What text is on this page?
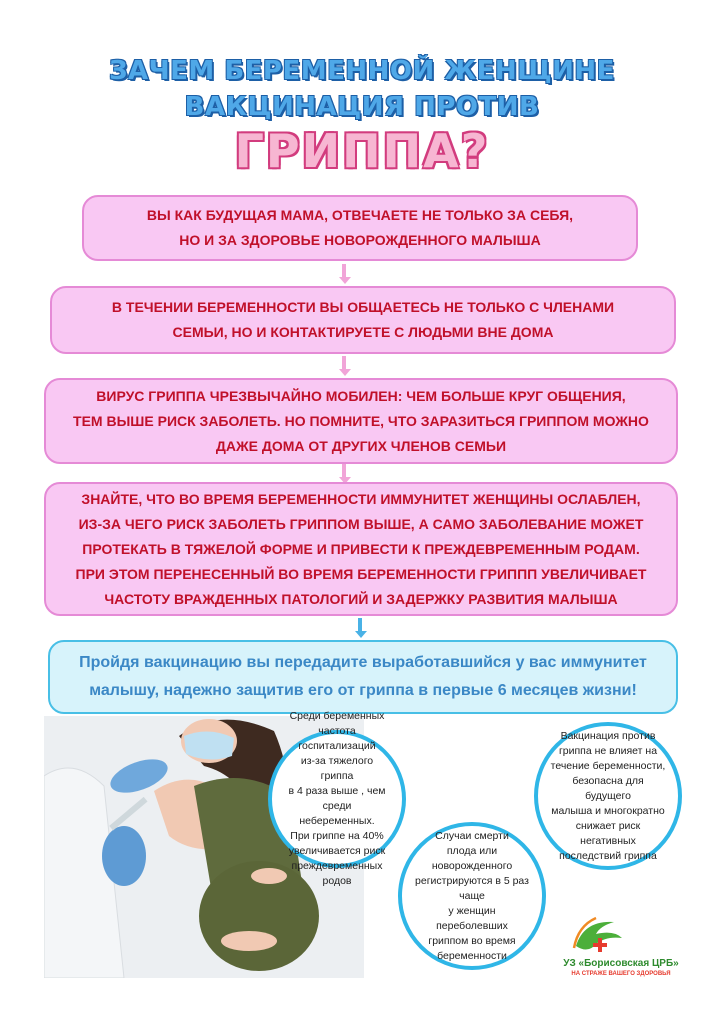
ЗАЧЕМ БЕРЕМЕННОЙ ЖЕНЩИНЕ
ВАКЦИНАЦИЯ ПРОТИВ
ГРИППА?
ВЫ КАК БУДУЩАЯ МАМА, ОТВЕЧАЕТЕ НЕ ТОЛЬКО ЗА СЕБЯ,
НО И ЗА ЗДОРОВЬЕ НОВОРОЖДЕННОГО МАЛЫША
В ТЕЧЕНИИ БЕРЕМЕННОСТИ ВЫ ОБЩАЕТЕСЬ НЕ ТОЛЬКО С ЧЛЕНАМИ
СЕМЬИ, НО И КОНТАКТИРУЕТЕ С ЛЮДЬМИ ВНЕ ДОМА
ВИРУС ГРИППА ЧРЕЗВЫЧАЙНО МОБИЛЕН: ЧЕМ БОЛЬШЕ КРУГ ОБЩЕНИЯ,
ТЕМ ВЫШЕ РИСК ЗАБОЛЕТЬ. НО ПОМНИТЕ, ЧТО ЗАРАЗИТЬСЯ ГРИППОМ МОЖНО
ДАЖЕ ДОМА ОТ ДРУГИХ ЧЛЕНОВ СЕМЬИ
ЗНАЙТЕ, ЧТО ВО ВРЕМЯ БЕРЕМЕННОСТИ ИММУНИТЕТ ЖЕНЩИНЫ ОСЛАБЛЕН,
ИЗ-ЗА ЧЕГО РИСК ЗАБОЛЕТЬ ГРИППОМ ВЫШЕ, А САМО ЗАБОЛЕВАНИЕ МОЖЕТ
ПРОТЕКАТЬ В ТЯЖЕЛОЙ ФОРМЕ И ПРИВЕСТИ К ПРЕЖДЕВРЕМЕННЫМ РОДАМ.
ПРИ ЭТОМ ПЕРЕНЕСЕННЫЙ ВО ВРЕМЯ БЕРЕМЕННОСТИ ГРИППП УВЕЛИЧИВАЕТ
ЧАСТОТУ ВРАЖДЕННЫХ ПАТОЛОГИЙ И ЗАДЕРЖКУ РАЗВИТИЯ МАЛЫША
Пройдя вакцинацию вы передадите выработавшийся у вас иммунитет
малышу, надежно защитив его от гриппа в первые 6 месяцев жизни!
Среди беременных
частота госпитализаций
из-за тяжелого гриппа
в 4 раза выше , чем среди
небеременных.
При гриппе на 40%
увеличивается риск
преждевременных
родов
Случаи смерти
плода или
новорожденного
регистрируются в 5 раз чаще
у женщин переболевших
гриппом во время
беременности
Вакцинация против
гриппа не влияет на
течение беременности,
безопасна для будущего
малыша и многократно
снижает риск негативных
последствий гриппа
УЗ «Борисовская ЦРБ»
НА СТРАЖЕ ВАШЕГО ЗДОРОВЬЯ
